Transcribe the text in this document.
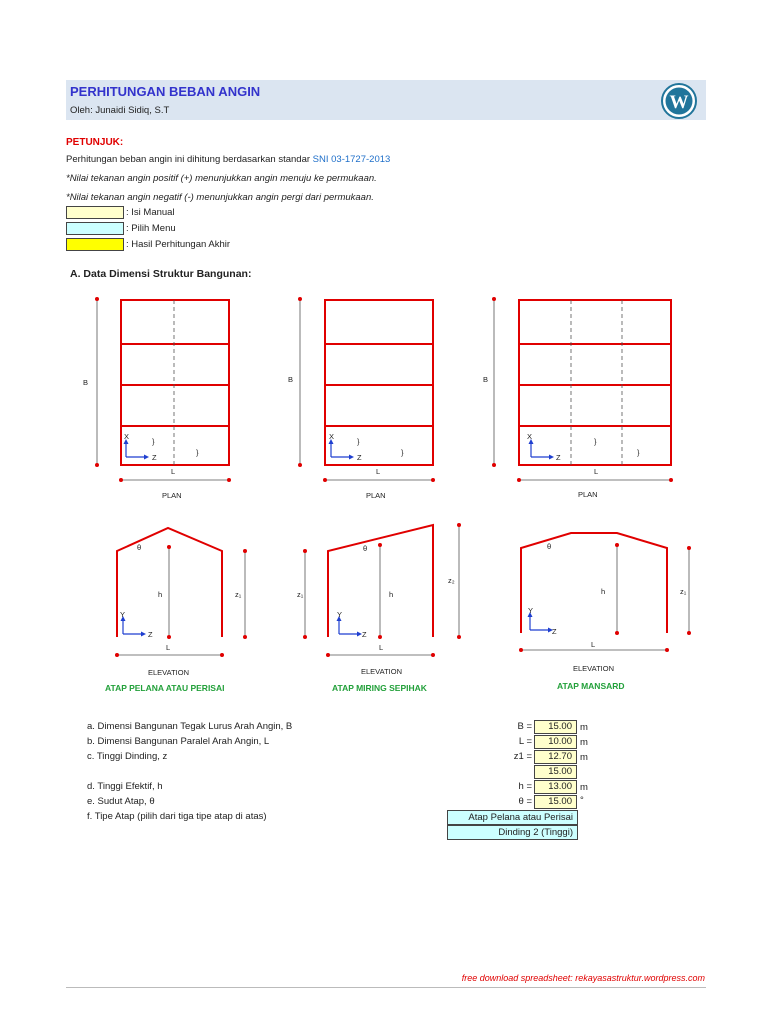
PERHITUNGAN BEBAN ANGIN
Oleh: Junaidi Sidiq, S.T	W
PETUNJUK:
Perhitungan beban angin ini dihitung berdasarkan standar SNI 03-1727-2013
*Nilai tekanan angin positif (+) menunjukkan angin menuju ke permukaan.
*Nilai tekanan angin negatif (-) menunjukkan angin pergi dari permukaan.
: Isi Manual
: Pilih Menu
: Hasil Perhitungan Akhir
A. Data Dimensi Struktur Bangunan:
B
L
X
Z
}
}
PLAN
B
L
X
Z
}
}
PLAN
B
L
X
Z
}
}
PLAN
θ
h	z₁
L
Y
Z
ELEVATION
θ
h
z₁
z₂
L
Y
Z
ELEVATION
θ
h	z₁
L
Y
Z
ELEVATION
ATAP PELANA ATAU PERISAI	ATAP MIRING SEPIHAK	ATAP MANSARD
a. Dimensi Bangunan Tegak Lurus Arah Angin, B	B =	15.00 m
b. Dimensi Bangunan Paralel Arah Angin, L	L =	10.00 m
c. Tinggi Dinding, z	z1 =	12.70 m
15.00
d. Tinggi Efektif, h	h =	13.00 m
e. Sudut Atap, θ	θ =	15.00 °
f. Tipe Atap (pilih dari tiga tipe atap di atas)	Atap Pelana atau Perisai
Dinding 2 (Tinggi)
free download spreadsheet: rekayasastruktur.wordpress.com
